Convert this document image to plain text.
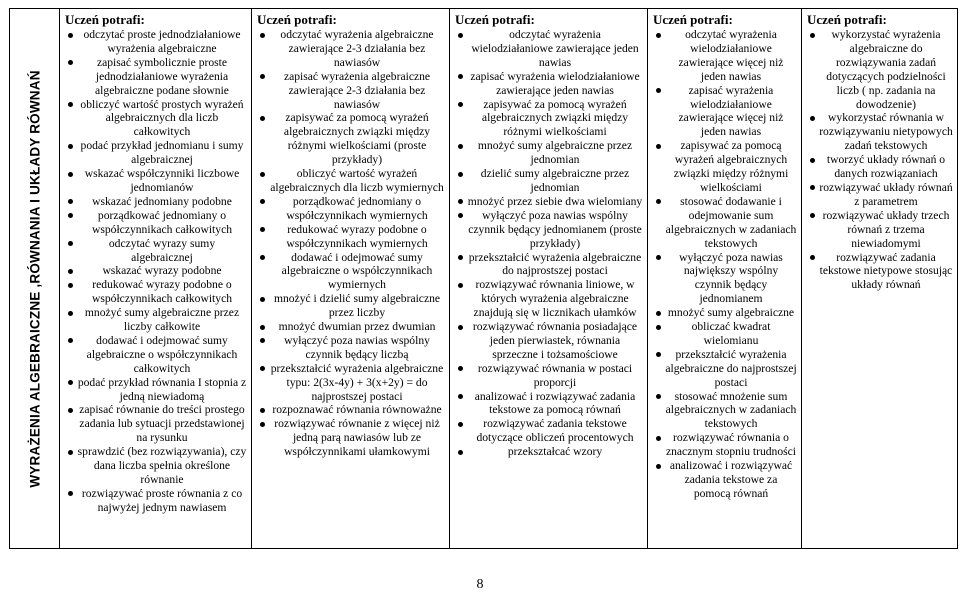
WYRAŻENIA ALGEBRAICZNE ,RÓWNANIA I UKŁADY RÓWNAŃ

Uczeń potrafi:
odczytać proste jednodziałaniowe wyrażenia algebraiczne
zapisać symbolicznie proste jednodziałaniowe wyrażenia algebraiczne podane słownie
obliczyć wartość prostych wyrażeń algebraicznych dla liczb całkowitych
podać przykład jednomianu i sumy algebraicznej
wskazać współczynniki liczbowe jednomianów
wskazać jednomiany podobne
porządkować jednomiany o współczynnikach całkowitych
odczytać wyrazy sumy algebraicznej
wskazać wyrazy podobne
redukować wyrazy podobne o współczynnikach całkowitych
mnożyć sumy algebraiczne przez liczby całkowite
dodawać i odejmować sumy algebraiczne o współczynnikach całkowitych
podać przykład równania I stopnia z jedną niewiadomą
zapisać równanie do treści prostego zadania lub sytuacji przedstawionej na rysunku
sprawdzić (bez rozwiązywania), czy dana liczba spełnia określone równanie
rozwiązywać proste równania z co najwyżej jednym nawiasem

Uczeń potrafi:
odczytać wyrażenia algebraiczne zawierające 2-3 działania bez nawiasów
zapisać wyrażenia algebraiczne zawierające 2-3 działania bez nawiasów
zapisywać za pomocą wyrażeń algebraicznych związki między różnymi wielkościami (proste przykłady)
obliczyć wartość wyrażeń algebraicznych dla liczb wymiernych
porządkować jednomiany o współczynnikach wymiernych
redukować wyrazy podobne o współczynnikach wymiernych
dodawać i odejmować sumy algebraiczne o współczynnikach wymiernych
mnożyć i dzielić sumy algebraiczne przez liczby
mnożyć dwumian przez dwumian
wyłączyć poza nawias wspólny czynnik będący liczbą
przekształcić wyrażenia algebraiczne typu: 2(3x-4y) + 3(x+2y) = do najprostszej postaci
rozpoznawać równania równoważne
rozwiązywać równanie z więcej niż jedną parą nawiasów lub ze współczynnikami ułamkowymi

Uczeń potrafi:
odczytać wyrażenia wielodziałaniowe zawierające jeden nawias
zapisać wyrażenia wielodziałaniowe zawierające jeden nawias
zapisywać za pomocą wyrażeń algebraicznych związki między różnymi wielkościami
mnożyć sumy algebraiczne przez jednomian
dzielić sumy algebraiczne przez jednomian
mnożyć przez siebie dwa wielomiany
wyłączyć poza nawias wspólny czynnik będący jednomianem (proste przykłady)
przekształcić wyrażenia algebraiczne do najprostszej postaci
rozwiązywać równania liniowe, w których wyrażenia algebraiczne znajdują się w licznikach ułamków
rozwiązywać równania posiadające jeden pierwiastek, równania sprzeczne i tożsamościowe
rozwiązywać równania w postaci proporcji
analizować i rozwiązywać zadania tekstowe za pomocą równań
rozwiązywać zadania tekstowe dotyczące obliczeń procentowych
przekształcać wzory

Uczeń potrafi:
odczytać wyrażenia wielodziałaniowe zawierające więcej niż jeden nawias
zapisać wyrażenia wielodziałaniowe zawierające więcej niż jeden nawias
zapisywać za pomocą wyrażeń algebraicznych związki między różnymi wielkościami
stosować dodawanie i odejmowanie sum algebraicznych w zadaniach tekstowych
wyłączyć poza nawias największy wspólny czynnik będący jednomianem
mnożyć sumy algebraiczne
obliczać kwadrat wielomianu
przekształcić wyrażenia algebraiczne do najprostszej postaci
stosować mnożenie sum algebraicznych w zadaniach tekstowych
rozwiązywać równania o znacznym stopniu trudności
analizować i rozwiązywać zadania tekstowe za pomocą równań

Uczeń potrafi:
wykorzystać wyrażenia algebraiczne do rozwiązywania zadań dotyczących podzielności liczb ( np. zadania na dowodzenie)
wykorzystać równania w rozwiązywaniu nietypowych zadań tekstowych
tworzyć układy równań o danych rozwiązaniach
rozwiązywać układy równań z parametrem
rozwiązywać układy trzech równań z trzema niewiadomymi
rozwiązywać zadania tekstowe nietypowe stosując układy równań
8
